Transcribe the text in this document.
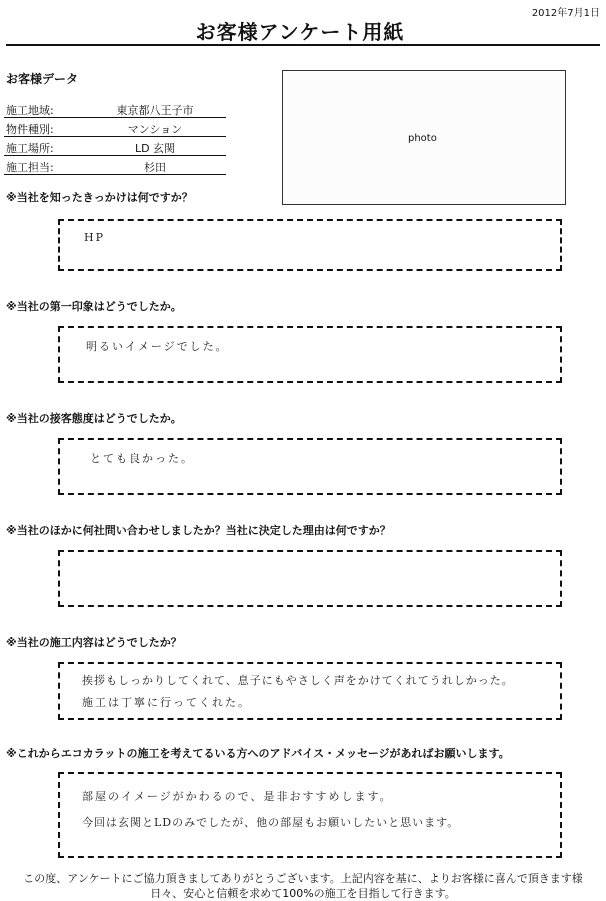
2012年7月1日
お客様アンケート用紙
お客様データ
施工地域:	東京都八王子市
物件種別:	マンション
施工場所:	LD 玄関
施工担当:	杉田
photo
※当社を知ったきっかけは何ですか？
HP
※当社の第一印象はどうでしたか。
明るいイメージでした。
※当社の接客態度はどうでしたか。
とても良かった。
※当社のほかに何社問い合わせしましたか？当社に決定した理由は何ですか？
※当社の施工内容はどうでしたか？
挨拶もしっかりしてくれて、息子にもやさしく声をかけてくれてうれしかった。
施工は丁寧に行ってくれた。
※これからエコカラットの施工を考えてるいる方へのアドバイス・メッセージがあればお願いします。
部屋のイメージがかわるので、是非おすすめします。
今回は玄関とLDのみでしたが、他の部屋もお願いしたいと思います。
この度、アンケートにご協力頂きましてありがとうございます。上記内容を基に、よりお客様に喜んで頂きます様
日々、安心と信頼を求めて100%の施工を目指して行きます。
